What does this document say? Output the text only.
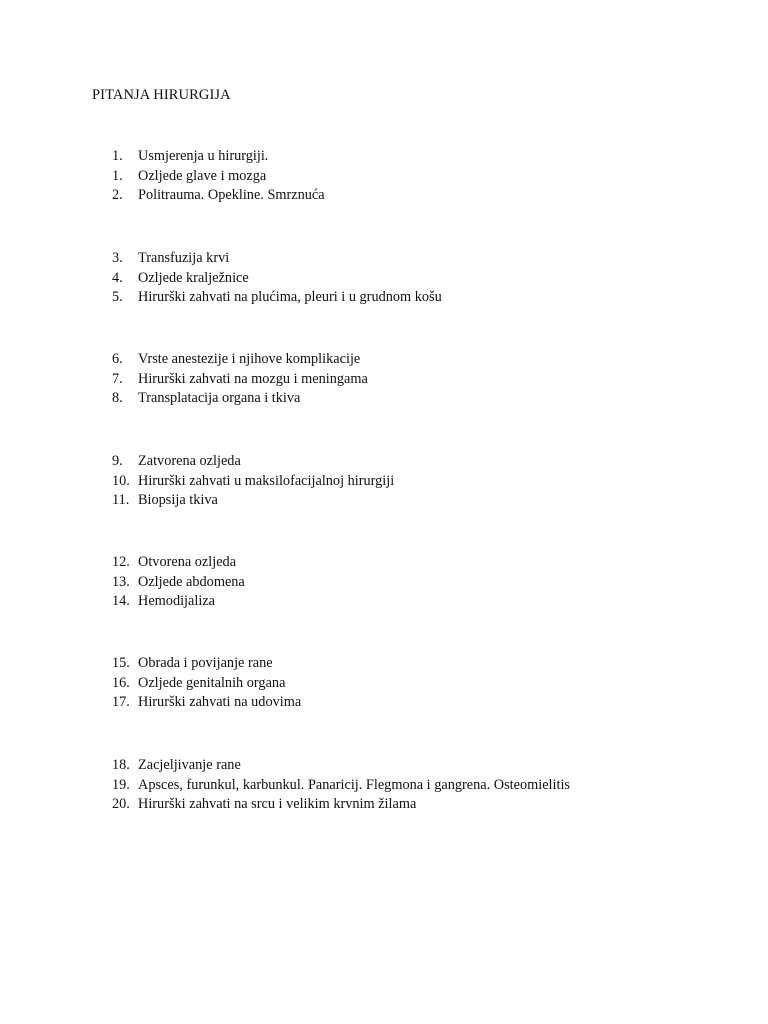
PITANJA HIRURGIJA
1.	Usmjerenja u hirurgiji.
1.	Ozljede glave i mozga
2.	Politrauma. Opekline. Smrznuća
3.	Transfuzija krvi
4.	Ozljede kralježnice
5.	Hirurški zahvati na plućima, pleuri i u grudnom košu
6.	Vrste anestezije i njihove komplikacije
7.	Hirurški zahvati na mozgu i meningama
8.	Transplatacija organa i tkiva
9.	Zatvorena ozljeda
10. Hirurški zahvati u maksilofacijalnoj hirurgiji
11. Biopsija tkiva
12. Otvorena ozljeda
13. Ozljede abdomena
14. Hemodijaliza
15. Obrada i povijanje rane
16. Ozljede genitalnih organa
17. Hirurški zahvati na udovima
18. Zacjeljivanje rane
19. Apsces, furunkul, karbunkul. Panaricij. Flegmona i gangrena. Osteomielitis
20. Hirurški zahvati na srcu i velikim krvnim žilama
